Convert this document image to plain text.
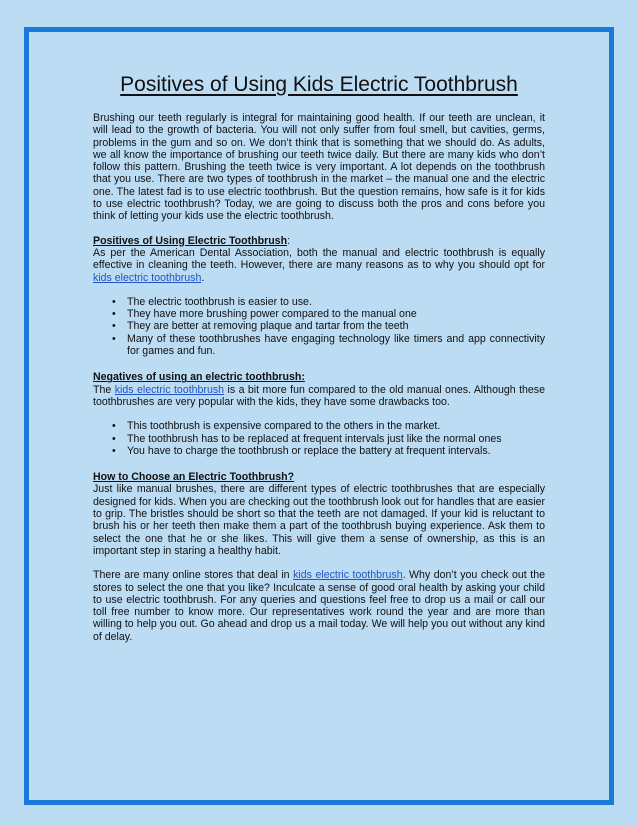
Positives of Using Kids Electric Toothbrush

Brushing our teeth regularly is integral for maintaining good health. If our teeth are unclean, it will lead to the growth of bacteria. You will not only suffer from foul smell, but cavities, germs, problems in the gum and so on. We don’t think that is something that we should do. As adults, we all know the importance of brushing our teeth twice daily. But there are many kids who don’t follow this pattern. Brushing the teeth twice is very important. A lot depends on the toothbrush that you use. There are two types of toothbrush in the market – the manual one and the electric one. The latest fad is to use electric toothbrush. But the question remains, how safe is it for kids to use electric toothbrush? Today, we are going to discuss both the pros and cons before you think of letting your kids use the electric toothbrush.

Positives of Using Electric Toothbrush:
As per the American Dental Association, both the manual and electric toothbrush is equally effective in cleaning the teeth. However, there are many reasons as to why you should opt for kids electric toothbrush.

• The electric toothbrush is easier to use.
• They have more brushing power compared to the manual one
• They are better at removing plaque and tartar from the teeth
• Many of these toothbrushes have engaging technology like timers and app connectivity for games and fun.

Negatives of using an electric toothbrush:
The kids electric toothbrush is a bit more fun compared to the old manual ones. Although these toothbrushes are very popular with the kids, they have some drawbacks too.

• This toothbrush is expensive compared to the others in the market.
• The toothbrush has to be replaced at frequent intervals just like the normal ones
• You have to charge the toothbrush or replace the battery at frequent intervals.

How to Choose an Electric Toothbrush?
Just like manual brushes, there are different types of electric toothbrushes that are especially designed for kids. When you are checking out the toothbrush look out for handles that are easier to grip. The bristles should be short so that the teeth are not damaged. If your kid is reluctant to brush his or her teeth then make them a part of the toothbrush buying experience. Ask them to select the one that he or she likes. This will give them a sense of ownership, as this is an important step in staring a healthy habit.

There are many online stores that deal in kids electric toothbrush. Why don’t you check out the stores to select the one that you like? Inculcate a sense of good oral health by asking your child to use electric toothbrush. For any queries and questions feel free to drop us a mail or call our toll free number to know more. Our representatives work round the year and are more than willing to help you out. Go ahead and drop us a mail today. We will help you out without any kind of delay.
